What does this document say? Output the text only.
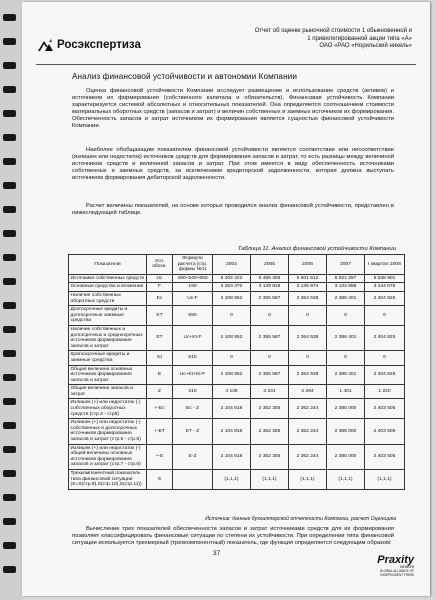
Росэкспертиза
Отчет об оценке рыночной стоимости 1 обыкновенной и
1 привилегированной акции типа «А»
ОАО «РАО «Норильский никель»
Анализ финансовой устойчивости и автономии Компании

Оценка финансовой устойчивости Компании исследует размещение и использование средств (активов) и источников их формирования (собственного капитала и обязательств). Финансовая устойчивость Компании характеризуется системой абсолютных и относительных показателей. Она определяется соотношением стоимости материальных оборотных средств (запасов и затрат) и величин собственных и заемных источников их формирования. Обеспеченность запасов и затрат источником их формирования является сущностью финансовой устойчивости Компании.

Наиболее обобщающим показателем финансовой устойчивости является соответствие или несоответствие (излишек или недостаток) источников средств для формирования запасов и затрат, то есть разницы между величиной источников средств и величиной запасов и затрат. При этом имеется в виду обеспеченность источниками собственных и заемных средств, за исключением кредиторской задолженности, которая должна выступать источником формирования дебиторской задолженности.

Расчет величины показателей, на основе которых проводился анализ финансовой устойчивости, представлен в нижеследующей таблице.

Таблица 11. Анализ финансовой устойчивости Компании
Показатели	Усл. обозн.	Формула расчета (стр. формы №1)	2004	2005	2006	2007	I квартал 2008
Источники собственных средств	Uc	490+640+650	5 402 422	5 495 405	5 501 512	5 521 297	5 538 901
Основные средства и вложения	F	190	3 293 470	3 139 818	3 136 974	3 134 896	3 134 076
Наличие собственных оборотных средств	Ec	Uc-F	2 108 952	2 355 587	2 364 538	2 386 401	2 404 825
Долгосрочные кредиты и долгосрочные заемные средства	KT	590	0	0	0	0	0
Наличие собственных и долгосрочных и среднесрочных источников формирования запасов и затрат	ET	Uc+Kt-F	2 108 952	2 355 587	2 364 538	2 386 401	2 404 825
Краткосрочные кредиты и заемные средства	Kt	610	0	0	0	0	0
Общая величина основных источников формирования запасов и затрат	E	Uc+Kt+Kt-F	2 108 952	2 355 587	2 364 538	2 386 401	2 404 825
Общая величина запасов и затрат	Z	210	4 136	3 231	2 294	1 401	1 220
Излишек (+) или недостаток (-) собственных оборотных средств (стр.3 - стр8)	+-Ec	Ec - Z	2 104 816	2 352 355	2 362 244	2 385 000	2 403 605
Излишек (+) или недостаток (-) собственных и долгосрочных источников формирования запасов и затрат (стр.5 - стр.8)	+-ET	ET - Z	2 104 816	2 352 355	2 362 244	2 385 000	2 403 605
Излишек (+) или недостаток (-) общей величины основных источников формирования запасов и затрат (стр.7 - стр.8)	+-E	E-Z	2 104 816	2 352 355	2 362 244	2 385 000	2 403 605
Трехкомпонентный показатель типа финансовой ситуации (S=S(стр.9),S(стр.10),S(стр.11))	S		(1,1,1)	(1,1,1)	(1,1,1)	(1,1,1)	(1,1,1)
Источник: данные бухгалтерской отчетности Компании, расчет Оценщика

Вычисление трех показателей обеспеченности запасов и затрат источниками средств для их формирования позволяет классифицировать финансовые ситуации по степени их устойчивости. При определении типа финансовой ситуации используется трехмерный (трехкомпонентный) показатель, где функция определяется следующим образом:

37
Praxity
MEMBER
GLOBAL ALLIANCE OF
INDEPENDENT FIRMS
